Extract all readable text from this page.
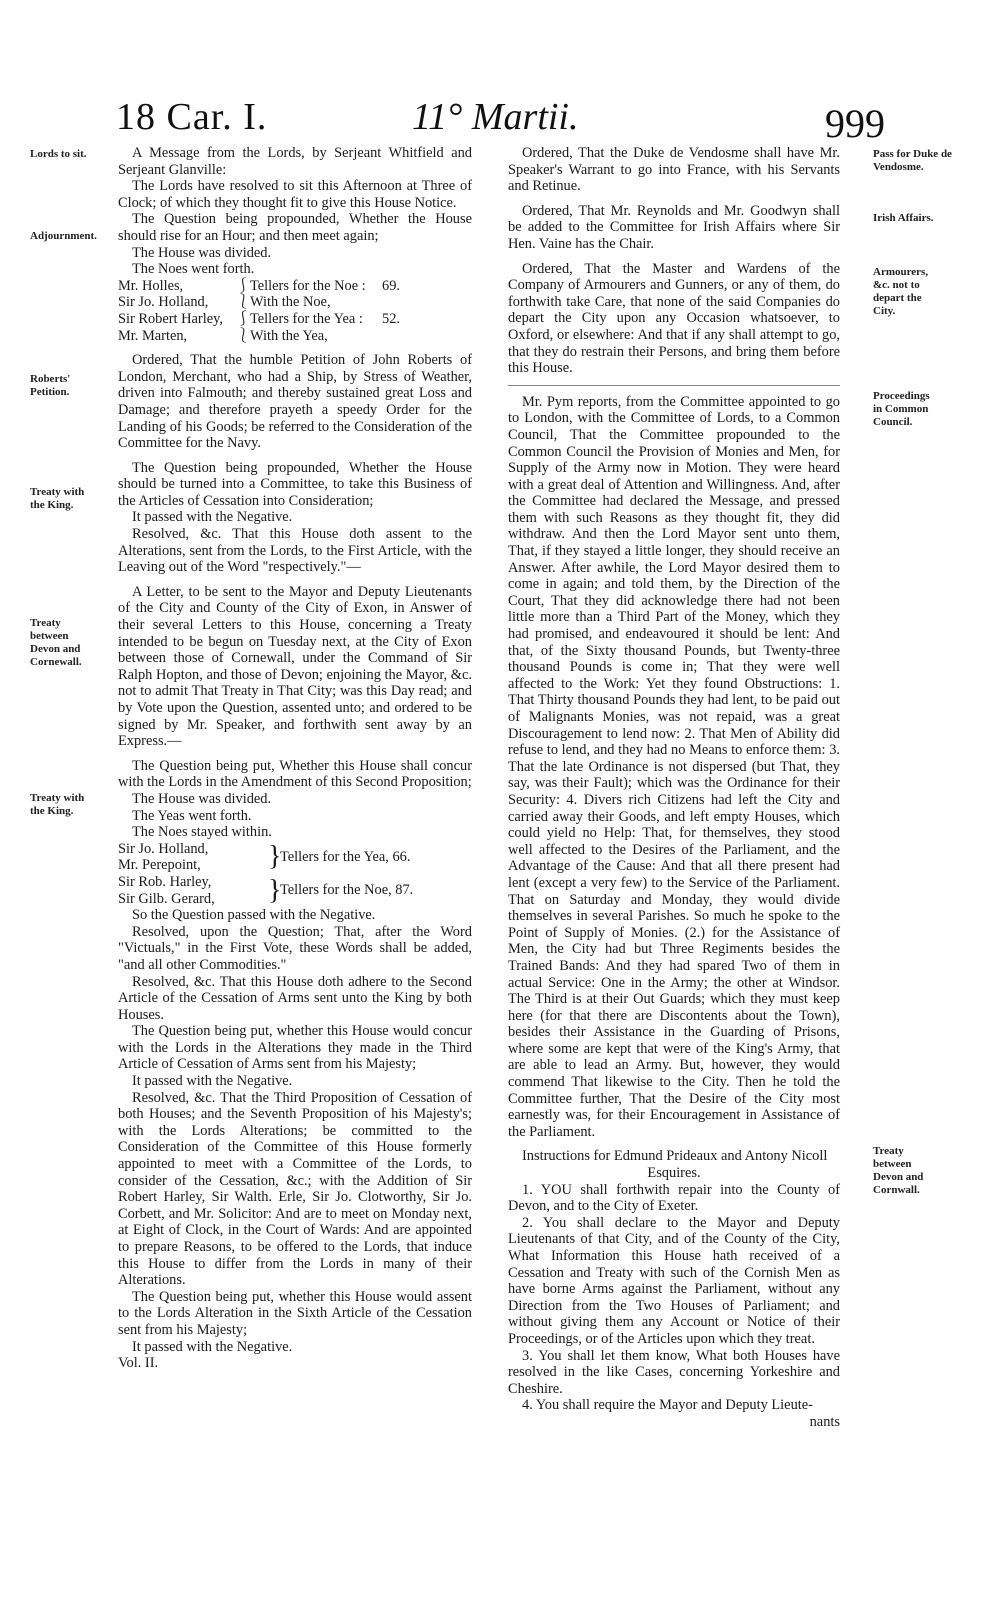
18 Car. I.	11° Martii.	999
Lords to sit.
Adjournment.
Roberts' Petition.
Treaty with the King.
Treaty between Devon and Cornewall.
Treaty with the King.
Pass for Duke de Vendosme.
Irish Affairs.
Armourers, &c. not to depart the City.
Proceedings in Common Council.
Treaty between Devon and Cornwall.

A Message from the Lords, by Serjeant Whitfield and Serjeant Glanville:

The Lords have resolved to sit this Afternoon at Three of Clock; of which they thought fit to give this House Notice.

The Question being propounded, Whether the House should rise for an Hour; and then meet again;

The House was divided.

The Noes went forth.

Mr. Holles,	⎰ Tellers for the Noe :	69.
Sir Jo. Holland,	⎱ With the Noe,
Sir Robert Harley, ⎰ Tellers for the Yea :	52.
Mr. Marten,	⎱ With the Yea,

Ordered, That the humble Petition of John Roberts of London, Merchant, who had a Ship, by Stress of Weather, driven into Falmouth; and thereby sustained great Loss and Damage; and therefore prayeth a speedy Order for the Landing of his Goods; be referred to the Consideration of the Committee for the Navy.

The Question being propounded, Whether the House should be turned into a Committee, to take this Business of the Articles of Cessation into Consideration;

It passed with the Negative.

Resolved, &c. That this House doth assent to the Alterations, sent from the Lords, to the First Article, with the Leaving out of the Word "respectively."—

A Letter, to be sent to the Mayor and Deputy Lieutenants of the City and County of the City of Exon, in Answer of their several Letters to this House, concerning a Treaty intended to be begun on Tuesday next, at the City of Exon between those of Cornewall, under the Command of Sir Ralph Hopton, and those of Devon; enjoining the Mayor, &c. not to admit That Treaty in That City; was this Day read; and by Vote upon the Question, assented unto; and ordered to be signed by Mr. Speaker, and forthwith sent away by an Express.—

The Question being put, Whether this House shall concur with the Lords in the Amendment of this Second Proposition;

The House was divided.

The Yeas went forth.

The Noes stayed within.

Sir Jo. Holland,
Mr. Perepoint,	}
Tellers for the Yea, 66.
Sir Rob. Harley,
Sir Gilb. Gerard,	}
Tellers for the Noe, 87.

So the Question passed with the Negative.

Resolved, upon the Question; That, after the Word "Victuals," in the First Vote, these Words shall be added, "and all other Commodities."

Resolved, &c. That this House doth adhere to the Second Article of the Cessation of Arms sent unto the King by both Houses.

The Question being put, whether this House would concur with the Lords in the Alterations they made in the Third Article of Cessation of Arms sent from his Majesty;

It passed with the Negative.

Resolved, &c. That the Third Proposition of Cessation of both Houses; and the Seventh Proposition of his Majesty's; with the Lords Alterations; be committed to the Consideration of the Committee of this House formerly appointed to meet with a Committee of the Lords, to consider of the Cessation, &c.; with the Addition of Sir Robert Harley, Sir Walth. Erle, Sir Jo. Clotworthy, Sir Jo. Corbett, and Mr. Solicitor: And are to meet on Monday next, at Eight of Clock, in the Court of Wards: And are appointed to prepare Reasons, to be offered to the Lords, that induce this House to differ from the Lords in many of their Alterations.

The Question being put, whether this House would assent to the Lords Alteration in the Sixth Article of the Cessation sent from his Majesty;

It passed with the Negative.

Vol. II.

Ordered, That the Duke de Vendosme shall have Mr. Speaker's Warrant to go into France, with his Servants and Retinue.

Ordered, That Mr. Reynolds and Mr. Goodwyn shall be added to the Committee for Irish Affairs where Sir Hen. Vaine has the Chair.

Ordered, That the Master and Wardens of the Company of Armourers and Gunners, or any of them, do forthwith take Care, that none of the said Companies do depart the City upon any Occasion whatsoever, to Oxford, or elsewhere: And that if any shall attempt to go, that they do restrain their Persons, and bring them before this House.

Mr. Pym reports, from the Committee appointed to go to London, with the Committee of Lords, to a Common Council, That the Committee propounded to the Common Council the Provision of Monies and Men, for Supply of the Army now in Motion. They were heard with a great deal of Attention and Willingness. And, after the Committee had declared the Message, and pressed them with such Reasons as they thought fit, they did withdraw. And then the Lord Mayor sent unto them, That, if they stayed a little longer, they should receive an Answer. After awhile, the Lord Mayor desired them to come in again; and told them, by the Direction of the Court, That they did acknowledge there had not been little more than a Third Part of the Money, which they had promised, and endeavoured it should be lent: And that, of the Sixty thousand Pounds, but Twenty-three thousand Pounds is come in; That they were well affected to the Work: Yet they found Obstructions: 1. That Thirty thousand Pounds they had lent, to be paid out of Malignants Monies, was not repaid, was a great Discouragement to lend now: 2. That Men of Ability did refuse to lend, and they had no Means to enforce them: 3. That the late Ordinance is not dispersed (but That, they say, was their Fault); which was the Ordinance for their Security: 4. Divers rich Citizens had left the City and carried away their Goods, and left empty Houses, which could yield no Help: That, for themselves, they stood well affected to the Desires of the Parliament, and the Advantage of the Cause: And that all there present had lent (except a very few) to the Service of the Parliament. That on Saturday and Monday, they would divide themselves in several Parishes. So much he spoke to the Point of Supply of Monies. (2.) for the Assistance of Men, the City had but Three Regiments besides the Trained Bands: And they had spared Two of them in actual Service: One in the Army; the other at Windsor. The Third is at their Out Guards; which they must keep here (for that there are Discontents about the Town), besides their Assistance in the Guarding of Prisons, where some are kept that were of the King's Army, that are able to lead an Army. But, however, they would commend That likewise to the City. Then he told the Committee further, That the Desire of the City most earnestly was, for their Encouragement in Assistance of the Parliament.

Instructions for Edmund Prideaux and Antony Nicoll

Esquires.

1. YOU shall forthwith repair into the County of Devon, and to the City of Exeter.

2. You shall declare to the Mayor and Deputy Lieutenants of that City, and of the County of the City, What Information this House hath received of a Cessation and Treaty with such of the Cornish Men as have borne Arms against the Parliament, without any Direction from the Two Houses of Parliament; and without giving them any Account or Notice of their Proceedings, or of the Articles upon which they treat.

3. You shall let them know, What both Houses have resolved in the like Cases, concerning Yorkeshire and Cheshire.

4. You shall require the Mayor and Deputy Lieute-

nants
